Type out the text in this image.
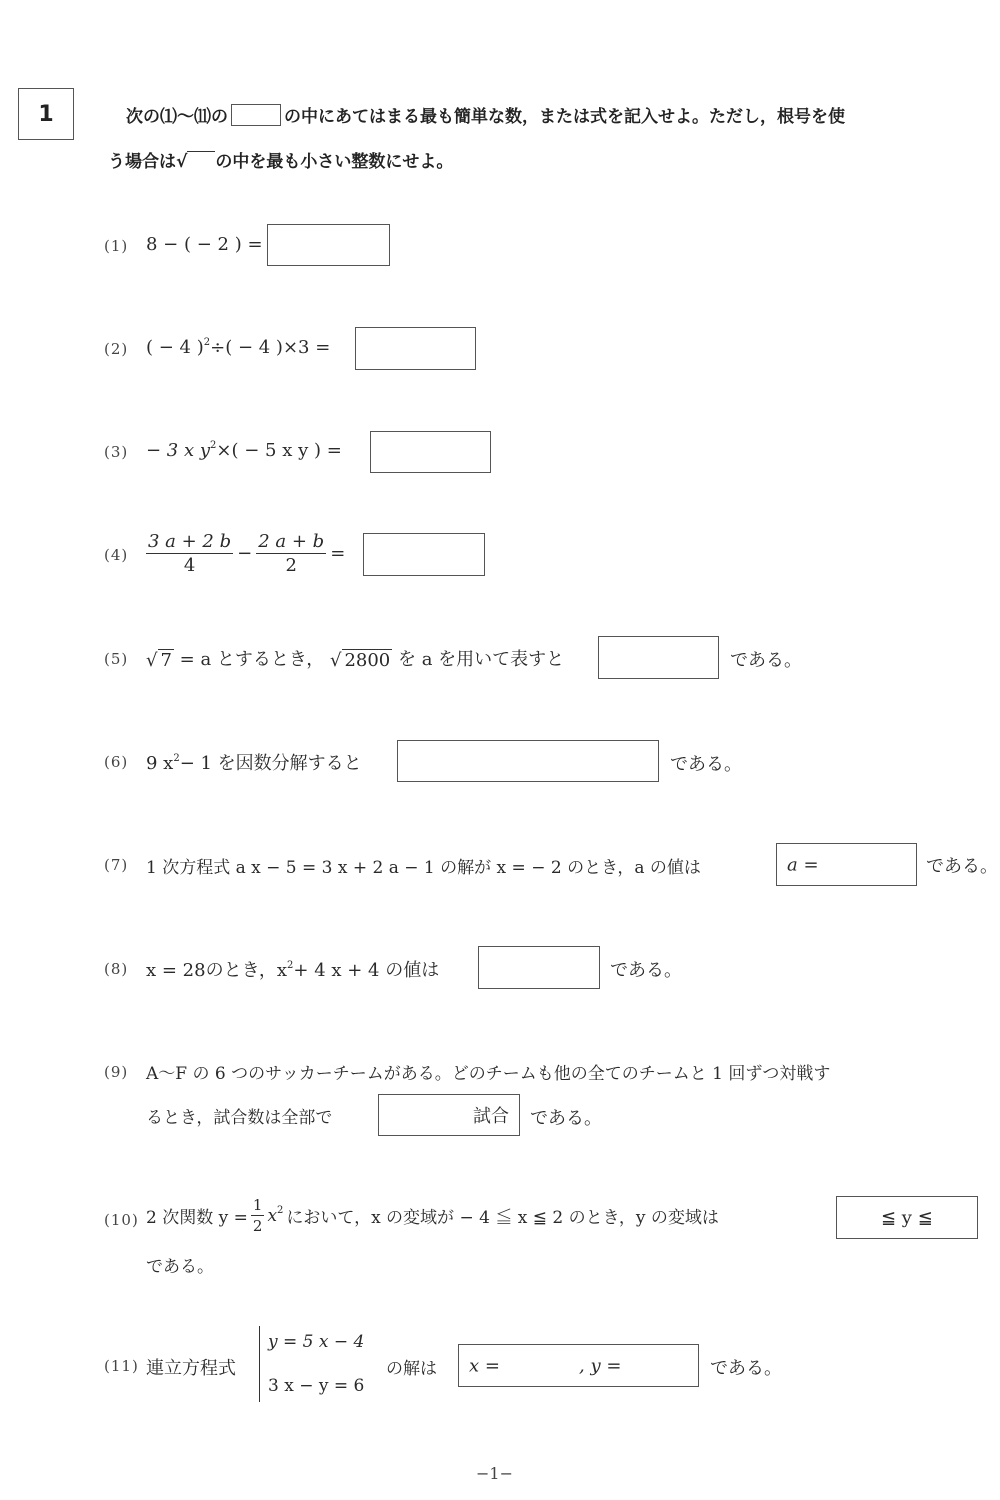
1	次の⑴〜⑾の	の中にあてはまる最も簡単な数，または式を記入せよ。ただし，根号を使
う場合は√ の中を最も小さい整数にせよ。
(1) 8 − ( − 2 ) =
(2) ( − 4 )$^2$÷( − 4 )×3 =
(3) − 3 x $y^2\times( - 5$ x y ) =
$(4) \frac{3 a + 2 b}{4} - \frac{2 a + b}{2}$ =
(5) √ 7 = a とするとき， √ 2800 を a を用いて表すと	である。
(6) 9 $x^2- 1$ を因数分解すると	である。
(7) 1 次方程式 a x − 5 = 3 x + 2 a − 1 の解が x = − 2 のとき，a の値は	a =	である。
(8) x = 28のとき，$x^2+ 4$ x + 4 の値は	である。
(9) A〜F の 6 つのサッカーチームがある。どのチームも他の全てのチームと 1 回ずつ対戦す
るとき，試合数は全部で	試合 である。
(10) 2 次関数 $y = \frac{1}{2} x^2$ において，x の変域が − 4 ≦ x ≦ 2 のとき，y の変域は	≦ y ≦
である。
(11) 連立方程式
y = 5 x − 4
3 x − y = 6
の解は x =	, y =	である。
−1−
